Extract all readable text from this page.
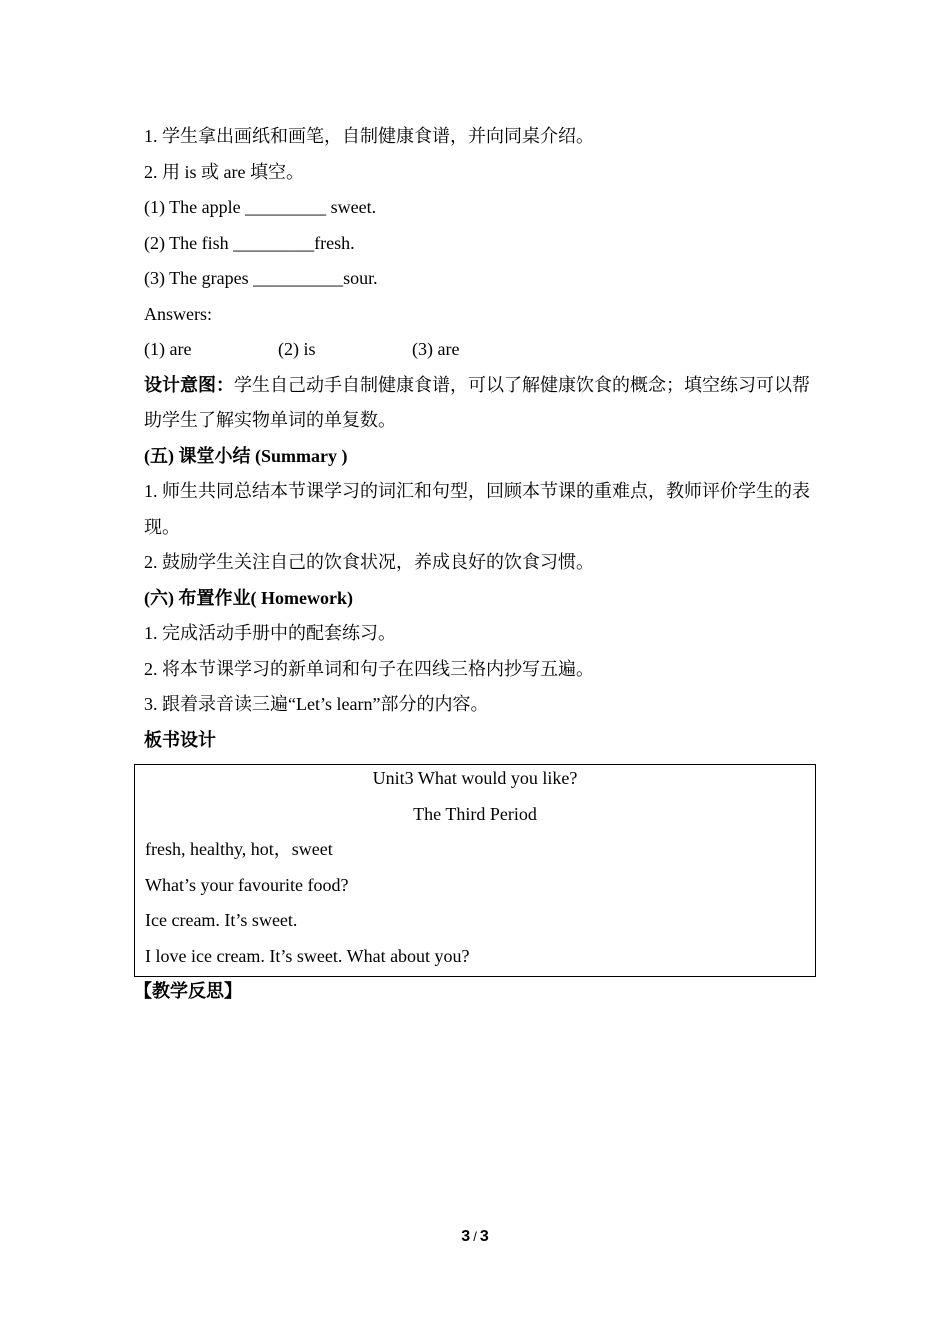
1. 学生拿出画纸和画笔，自制健康食谱，并向同桌介绍。
2. 用 is 或 are 填空。
(1) The apple _________ sweet.
(2) The fish _________fresh.
(3) The grapes __________sour.
Answers:
(1) are	(2) is	(3) are
设计意图：学生自己动手自制健康食谱，可以了解健康饮食的概念；填空练习可以帮助学生了解实物单词的单复数。
(五) 课堂小结 (Summary )
1. 师生共同总结本节课学习的词汇和句型，回顾本节课的重难点，教师评价学生的表现。
2. 鼓励学生关注自己的饮食状况，养成良好的饮食习惯。
(六) 布置作业( Homework)
1. 完成活动手册中的配套练习。
2. 将本节课学习的新单词和句子在四线三格内抄写五遍。
3. 跟着录音读三遍“Let’s learn”部分的内容。
板书设计
Unit3 What would you like?
The Third Period
fresh, healthy, hot，sweet
What’s your favourite food?
Ice cream. It’s sweet.
I love ice cream. It’s sweet. What about you?
【教学反思】
3 / 3
